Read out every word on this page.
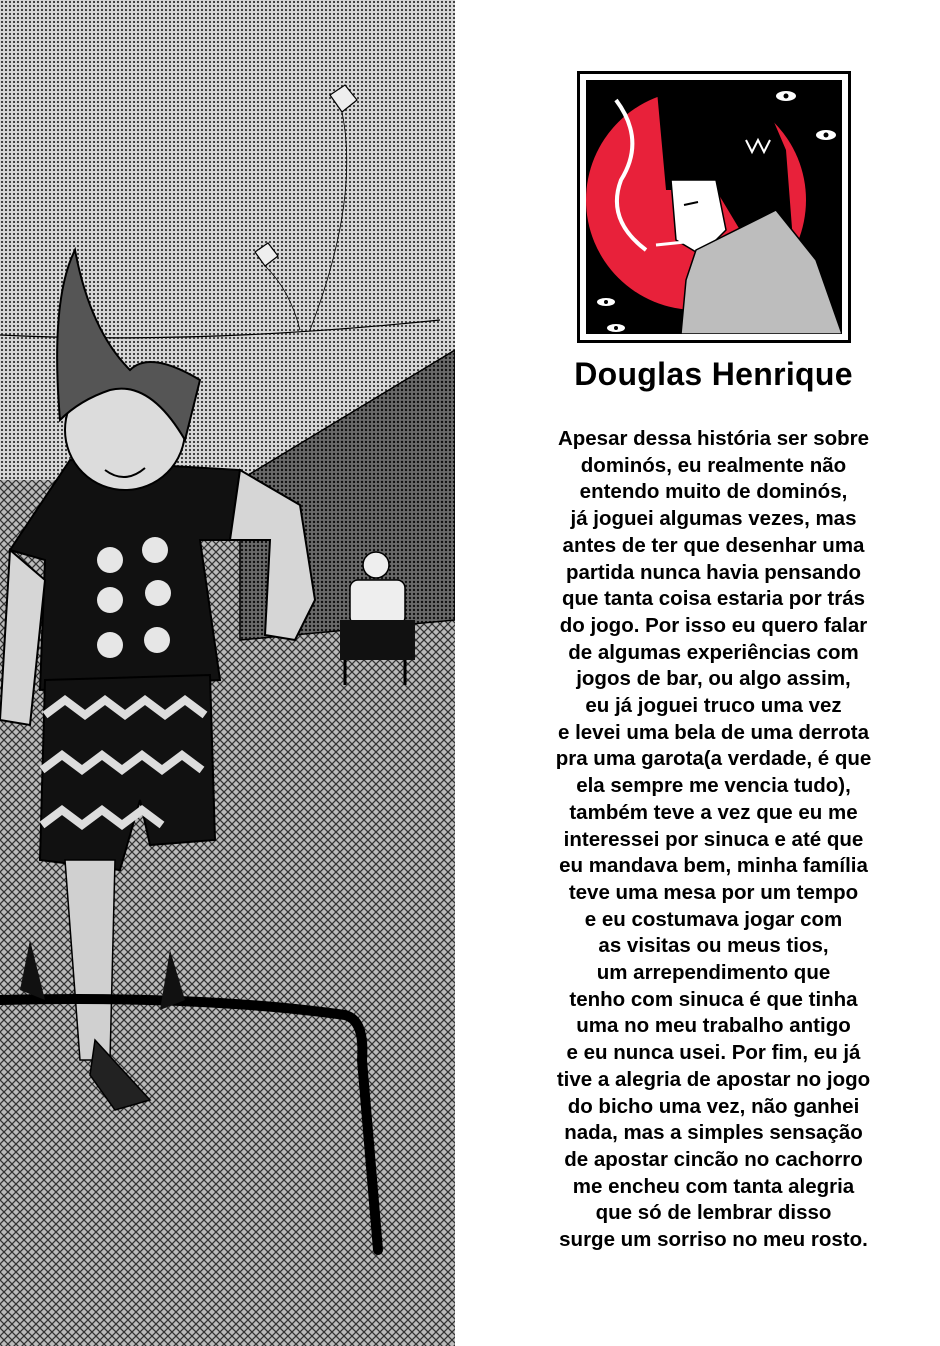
Douglas Henrique
Apesar dessa história ser sobre
dominós, eu realmente não
entendo muito de dominós,
já joguei algumas vezes, mas
antes de ter que desenhar uma
partida nunca havia pensando
que tanta coisa estaria por trás
do jogo. Por isso eu quero falar
de algumas experiências com
jogos de bar, ou algo assim,
eu já joguei truco uma vez
e levei uma bela de uma derrota
pra uma garota(a verdade, é que
ela sempre me vencia tudo),
também teve a vez que eu me
interessei por sinuca e até que
eu mandava bem, minha família
teve uma mesa por um tempo
e eu costumava jogar com
as visitas ou meus tios,
um arrependimento que
tenho com sinuca é que tinha
uma no meu trabalho antigo
e eu nunca usei. Por fim, eu já
tive a alegria de apostar no jogo
do bicho uma vez, não ganhei
nada, mas a simples sensação
de apostar cincão no cachorro
me encheu com tanta alegria
que só de lembrar disso
surge um sorriso no meu rosto.
